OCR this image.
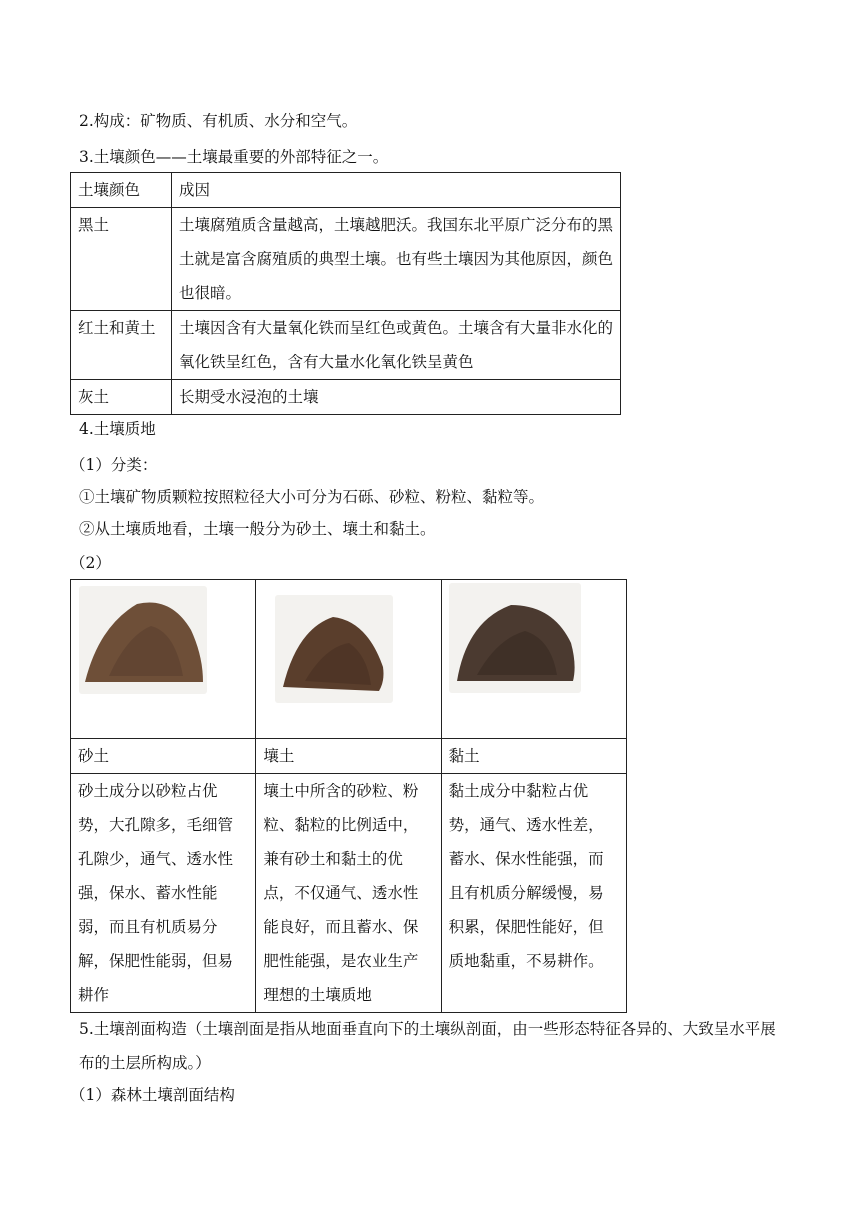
2.构成：矿物质、有机质、水分和空气。
3.土壤颜色——土壤最重要的外部特征之一。
土壤颜色	成因
黑土	土壤腐殖质含量越高，土壤越肥沃。我国东北平原广泛分布的黑土就是富含腐殖质的典型土壤。也有些土壤因为其他原因，颜色也很暗。
红土和黄土	土壤因含有大量氧化铁而呈红色或黄色。土壤含有大量非水化的氧化铁呈红色，含有大量水化氧化铁呈黄色
灰土	长期受水浸泡的土壤
4.土壤质地
（1）分类：
①土壤矿物质颗粒按照粒径大小可分为石砾、砂粒、粉粒、黏粒等。
②从土壤质地看，土壤一般分为砂土、壤土和黏土。
（2）

砂土	壤土	黏土
砂土成分以砂粒占优势，大孔隙多，毛细管孔隙少，通气、透水性强，保水、蓄水性能弱，而且有机质易分解，保肥性能弱，但易耕作	壤土中所含的砂粒、粉粒、黏粒的比例适中，兼有砂土和黏土的优点，不仅通气、透水性能良好，而且蓄水、保肥性能强，是农业生产理想的土壤质地	黏土成分中黏粒占优势，通气、透水性差，蓄水、保水性能强，而且有机质分解缓慢，易积累，保肥性能好，但质地黏重，不易耕作。
5.土壤剖面构造（土壤剖面是指从地面垂直向下的土壤纵剖面，由一些形态特征各异的、大致呈水平展布的土层所构成。）
（1）森林土壤剖面结构
